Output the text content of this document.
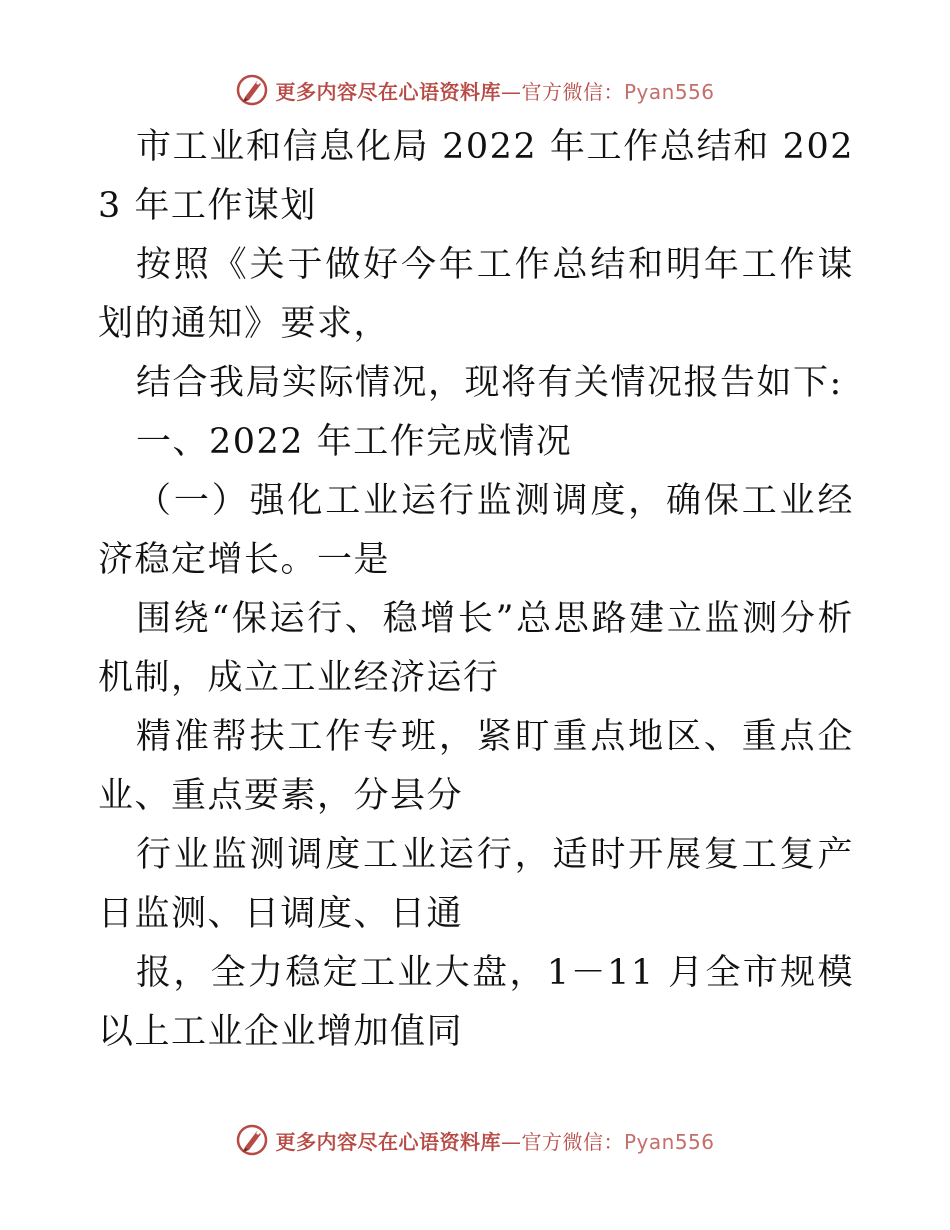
更多内容尽在心语资料库—官方微信：Pyan556

市工业和信息化局 2022 年工作总结和 2023 年工作谋划

按照《关于做好今年工作总结和明年工作谋划的通知》要求，

结合我局实际情况，现将有关情况报告如下:

一、2022 年工作完成情况

（一）强化工业运行监测调度，确保工业经济稳定增长。一是

围绕“保运行、稳增长”总思路建立监测分析机制，成立工业经济运行

精准帮扶工作专班，紧盯重点地区、重点企业、重点要素，分县分

行业监测调度工业运行，适时开展复工复产日监测、日调度、日通

报，全力稳定工业大盘，1－11 月全市规模以上工业企业增加值同

更多内容尽在心语资料库—官方微信：Pyan556
